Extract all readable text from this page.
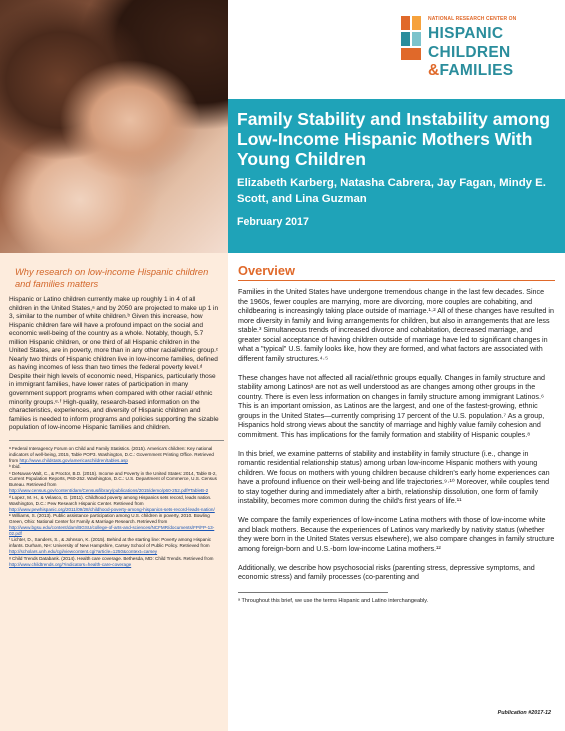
NATIONAL RESEARCH CENTER ON
HISPANIC
CHILDREN
&FAMILIES
Family Stability and Instability among Low-Income Hispanic Mothers With Young Children
Elizabeth Karberg, Natasha Cabrera, Jay Fagan, Mindy E. Scott, and Lina Guzman
February 2017
Why research on low-income Hispanic children and families matters
Hispanic or Latino children currently make up roughly 1 in 4 of all children in the United States,ᵃ and by 2050 are projected to make up 1 in 3, similar to the number of white children.ᵇ Given this increase, how Hispanic children fare will have a profound impact on the social and economic well-being of the country as a whole. Notably, though, 5.7 million Hispanic children, or one third of all Hispanic children in the United States, are in poverty, more than in any other racial/ethnic group.ᶜ Nearly two thirds of Hispanic children live in low-income families, defined as having incomes of less than two times the federal poverty level.ᵈ Despite their high levels of economic need, Hispanics, particularly those in immigrant families, have lower rates of participation in many government support programs when compared with other racial/ ethnic minority groups.ᵉ·ᶠ High-quality, research-based information on the characteristics, experiences, and diversity of Hispanic children and families is needed to inform programs and policies supporting the sizable population of low-income Hispanic families and children.
ᵃ Federal Interagency Forum on Child and Family Statistics. (2015). America's children: Key national indicators of well-being, 2015, Table POP3. Washington, D.C.: Government Printing Office. Retrieved from http://www.childstats.gov/americaschildren/tables.asp
ᵇ Ibid.
ᶜ DeNavas-Walt, C., & Proctor, B.D. (2015). Income and Poverty in the United States: 2014, Table B-2, Current Population Reports, P60-252. Washington, D.C.: U.S. Department of Commerce, U.S. Census Bureau. Retrieved from http://www.census.gov/content/dam/Census/library/publications/2015/demo/p60-252.pdf#TableB-2
ᵈ Lopez, M. H., & Velasco, G. (2011). Childhood poverty among Hispanics sets record, leads nation. Washington, D.C.: Pew Research Hispanic Center. Retrieved from http://www.pewhispanic.org/2011/09/28/childhood-poverty-among-hispanics-sets-record-leads-nation/
ᵉ Williams, S. (2013). Public assistance participation among U.S. children in poverty, 2010. Bowling Green, Ohio: National Center for Family & Marriage Research. Retrieved from http://www.bgsu.edu/content/dam/BGSU/college-of-arts-and-sciences/NCFMR/documents/FP/FP-13-02.pdf
ᶠ Lichter, D., Sanders, S., & Johnson, K. (2015). Behind at the starting line: Poverty among Hispanic infants. Durham, NH: University of New Hampshire, Carsey School of Public Policy. Retrieved from http://scholars.unh.edu/cgi/viewcontent.cgi?article=1250&context=carsey
ᵍ Child Trends Databank. (2014). Health care coverage. Bethesda, MD: Child Trends. Retrieved from http://www.childtrends.org/?indicators=health-care-coverage
Overview

Families in the United States have undergone tremendous change in the last few decades. Since the 1960s, fewer couples are marrying, more are divorcing, more couples are cohabiting, and childbearing is increasingly taking place outside of marriage.¹·² All of these changes have resulted in more diversity in family and living arrangements for children, but also in arrangements that are less stable.³ Simultaneous trends of increased divorce and cohabitation, decreased marriage, and greater social acceptance of having children outside of marriage have led to significant changes in what a "typical" U.S. family looks like, how they are formed, and what factors are associated with different family structures.⁴·⁵

These changes have not affected all racial/ethnic groups equally. Changes in family structure and stability among Latinosᵃ are not as well understood as are changes among other groups in the country. There is even less information on changes in family structure among immigrant Latinos.⁶ This is an important omission, as Latinos are the largest, and one of the fastest-growing, ethnic groups in the United States—currently comprising 17 percent of the U.S. population.⁷ As a group, Hispanics hold strong views about the sanctity of marriage and highly value family cohesion and commitment. This has implications for the family formation and stability of Hispanic couples.⁸

In this brief, we examine patterns of stability and instability in family structure (i.e., change in romantic residential relationship status) among urban low-income Hispanic mothers with young children. We focus on mothers with young children because children's early home experiences can have a profound influence on their well-being and life trajectories.⁹·¹⁰ Moreover, while couples tend to stay together during and immediately after a birth, relationship dissolution, one form of family instability, becomes more common during the child's first years of life.¹¹

We compare the family experiences of low-income Latina mothers with those of low-income white and black mothers. Because the experiences of Latinos vary markedly by nativity status (whether they were born in the United States versus elsewhere), we also compare changes in family structure among foreign-born and U.S.-born low-income Latina mothers.¹²

Additionally, we describe how psychosocial risks (parenting stress, depressive symptoms, and economic stress) and family processes (co-parenting and

ᵃ Throughout this brief, we use the terms Hispanic and Latino interchangeably.
Publication #2017-12
